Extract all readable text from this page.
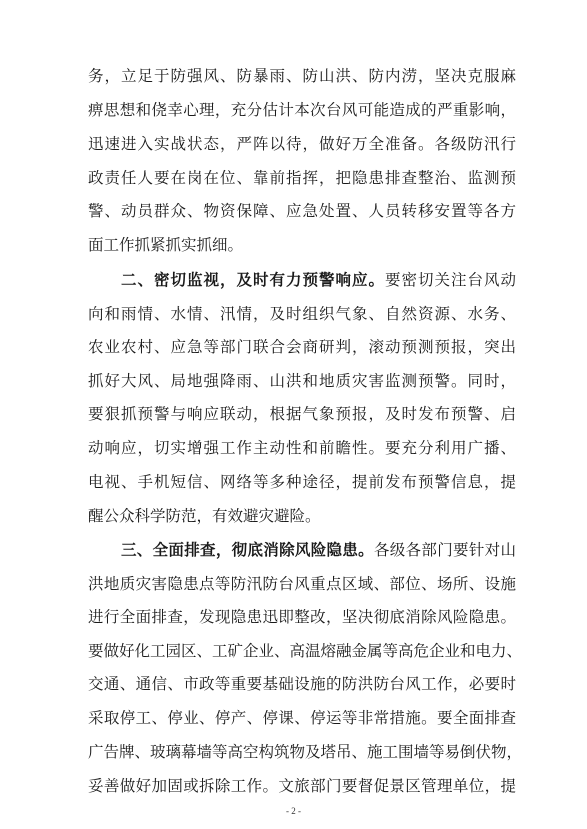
务，立足于防强风、防暴雨、防山洪、防内涝，坚决克服麻
痹思想和侥幸心理，充分估计本次台风可能造成的严重影响，
迅速进入实战状态，严阵以待，做好万全准备。各级防汛行
政责任人要在岗在位、靠前指挥，把隐患排查整治、监测预
警、动员群众、物资保障、应急处置、人员转移安置等各方
面工作抓紧抓实抓细。
二、密切监视，及时有力预警响应。要密切关注台风动
向和雨情、水情、汛情，及时组织气象、自然资源、水务、
农业农村、应急等部门联合会商研判，滚动预测预报，突出
抓好大风、局地强降雨、山洪和地质灾害监测预警。同时，
要狠抓预警与响应联动，根据气象预报，及时发布预警、启
动响应，切实增强工作主动性和前瞻性。要充分利用广播、
电视、手机短信、网络等多种途径，提前发布预警信息，提
醒公众科学防范，有效避灾避险。
三、全面排查，彻底消除风险隐患。各级各部门要针对山
洪地质灾害隐患点等防汛防台风重点区域、部位、场所、设施
进行全面排查，发现隐患迅即整改，坚决彻底消除风险隐患。
要做好化工园区、工矿企业、高温熔融金属等高危企业和电力、
交通、通信、市政等重要基础设施的防洪防台风工作，必要时
采取停工、停业、停产、停课、停运等非常措施。要全面排查
广告牌、玻璃幕墙等高空构筑物及塔吊、施工围墙等易倒伏物，
妥善做好加固或拆除工作。文旅部门要督促景区管理单位，提
- 2 -
